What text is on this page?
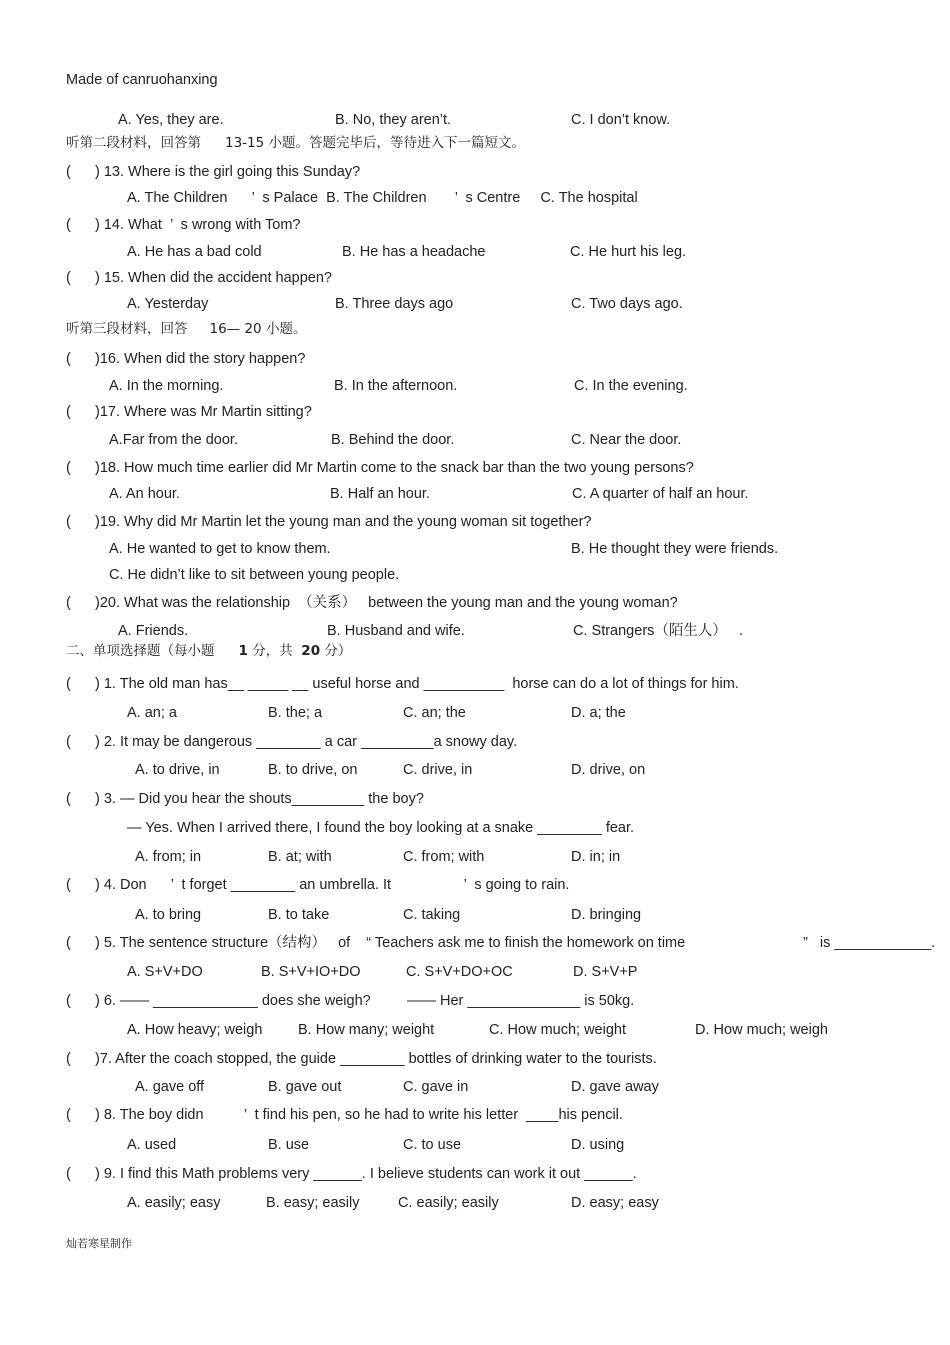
Made of canruohanxing
A. Yes, they are.	B. No, they aren’t.	C. I don’t know.
听第二段材料，回答第 13-15 小题。答题完毕后，等待进入下一篇短文。
(      ) 13. Where is the girl going this Sunday?
A. The Children      ’  s Palace  B. The Children       ’  s Centre     C. The hospital
(      ) 14. What  ’  s wrong with Tom?
A. He has a bad cold	B. He has a headache	C. He hurt his leg.
(      ) 15. When did the accident happen?
A. Yesterday	B. Three days ago	C. Two days ago.
听第三段材料，回答 16— 20 小题。
(      )16. When did the story happen?
A. In the morning.	B. In the afternoon.	C. In the evening.
(      )17. Where was Mr Martin sitting?
A.Far from the door.	B. Behind the door.	C. Near the door.
(      )18. How much time earlier did Mr Martin come to the snack bar than the two young persons?
A. An hour.	B. Half an hour.	C. A quarter of half an hour.
(      )19. Why did Mr Martin let the young man and the young woman sit together?
A. He wanted to get to know them.	B. He thought they were friends.
C. He didn’t like to sit between young people.
(      )20. What was the relationship  （关系）   between the young man and the young woman?
A. Friends.	B. Husband and wife.	C. Strangers（陌生人）   .
二、单项选择题（每小题 1 分，共 20 分）
(      ) 1. The old man has__ _____ __ useful horse and __________  horse can do a lot of things for him.
A. an; a	B. the; a	C. an; the	D. a; the
(      ) 2. It may be dangerous ________ a car _________a snowy day.
A. to drive, in	B. to drive, on	C. drive, in	D. drive, on
(      ) 3. — Did you hear the shouts_________ the boy?
— Yes. When I arrived there, I found the boy looking at a snake ________ fear.
A. from; in	B. at; with	C. from; with	D. in; in
(      ) 4. Don      ’  t forget ________ an umbrella. It                  ’  s going to rain.
A. to bring	B. to take	C. taking	D. bringing
(      ) 5. The sentence structure（结构）   of    “ Teachers ask me to finish the homework on time	”   is ____________.
A. S+V+DO	B. S+V+IO+DO	C. S+V+DO+OC	D. S+V+P
(      ) 6. —— _____________ does she weigh?         —— Her ______________ is 50kg.
A. How heavy; weigh B. How many; weight	C. How much; weight	D. How much; weigh
(      )7. After the coach stopped, the guide ________ bottles of drinking water to the tourists.
A. gave off	B. gave out	C. gave in	D. gave away
(      ) 8. The boy didn          ’  t find his pen, so he had to write his letter  ____his pencil.
A. used	B. use	C. to use	D. using
(      ) 9. I find this Math problems very ______. I believe students can work it out ______.
A. easily; easy	B. easy; easily	C. easily; easily	D. easy; easy
灿若寒星制作
